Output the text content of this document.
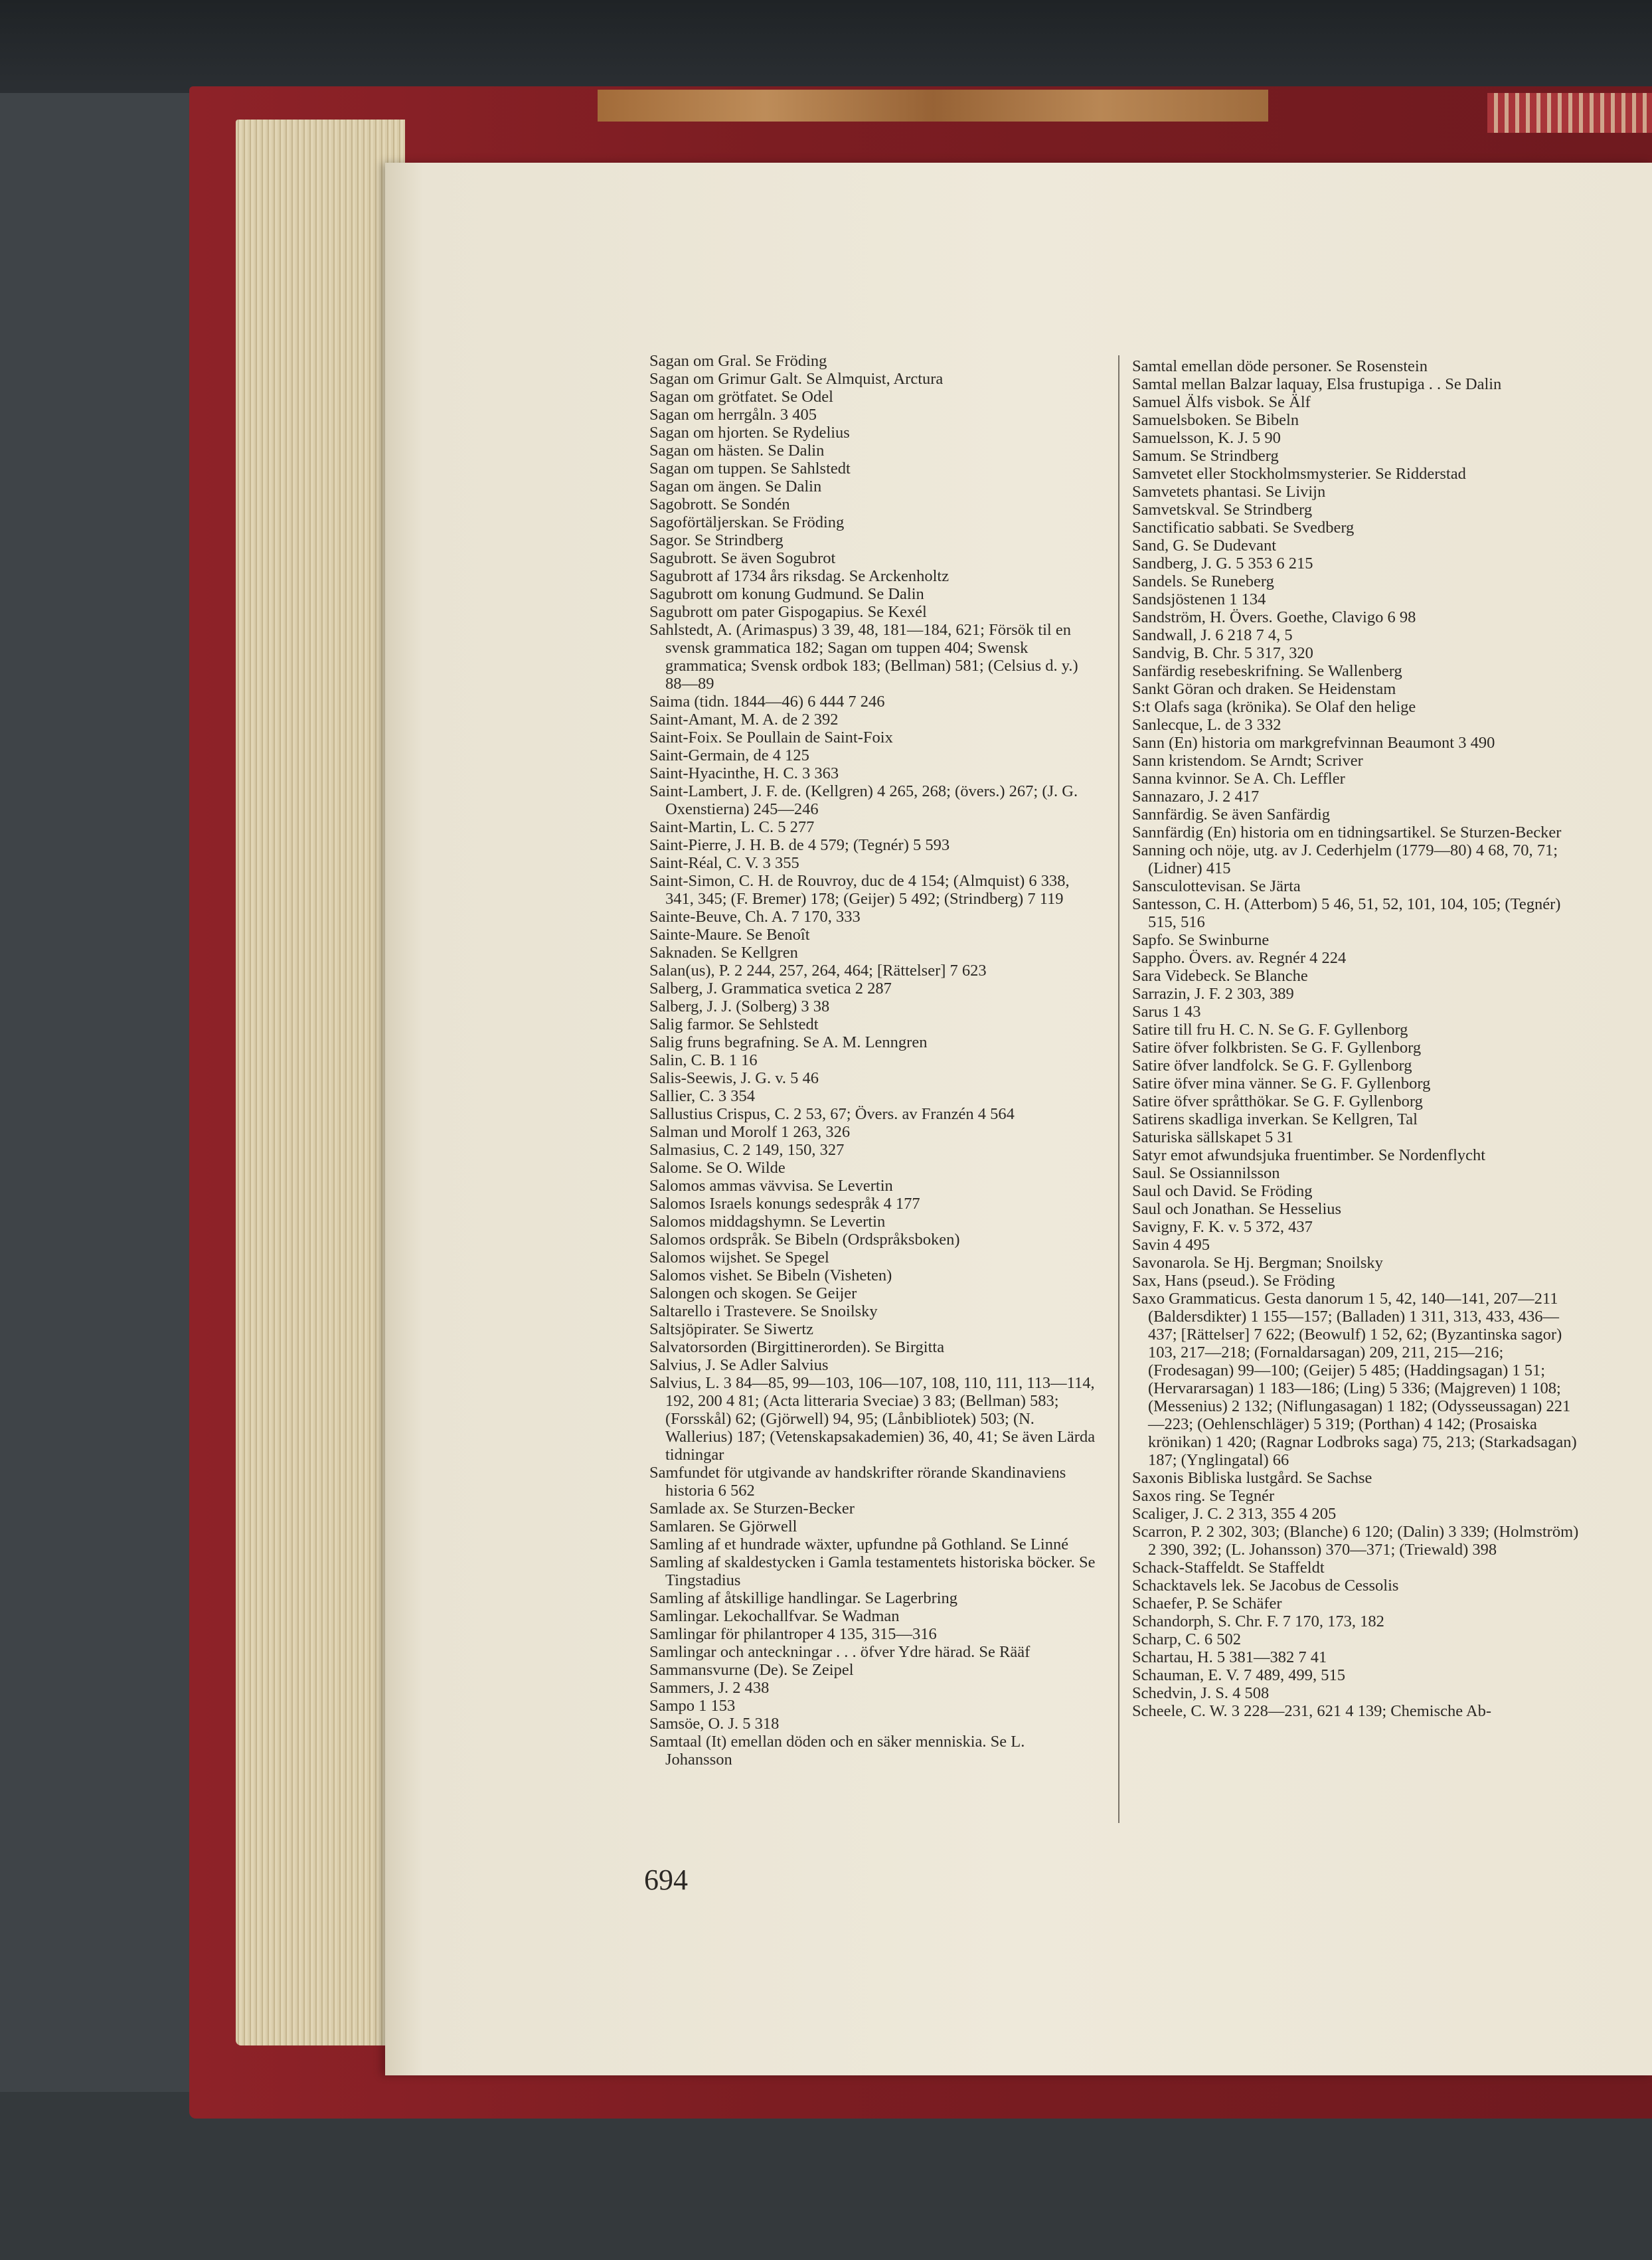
Sagan om Gral. Se Fröding
Sagan om Grimur Galt. Se Almquist, Arctura
Sagan om grötfatet. Se Odel
Sagan om herrgåln. 3 405
Sagan om hjorten. Se Rydelius
Sagan om hästen. Se Dalin
Sagan om tuppen. Se Sahlstedt
Sagan om ängen. Se Dalin
Sagobrott. Se Sondén
Sagoförtäljerskan. Se Fröding
Sagor. Se Strindberg
Sagubrott. Se även Sogubrot
Sagubrott af 1734 års riksdag. Se Arckenholtz
Sagubrott om konung Gudmund. Se Dalin
Sagubrott om pater Gispogapius. Se Kexél
Sahlstedt, A. (Arimaspus) 3 39, 48, 181—184, 621; Försök til en svensk grammatica 182; Sagan om tuppen 404; Swensk grammatica; Svensk ordbok 183; (Bellman) 581; (Celsius d. y.) 88—89
Saima (tidn. 1844—46) 6 444 7 246
Saint-Amant, M. A. de 2 392
Saint-Foix. Se Poullain de Saint-Foix
Saint-Germain, de 4 125
Saint-Hyacinthe, H. C. 3 363
Saint-Lambert, J. F. de. (Kellgren) 4 265, 268; (övers.) 267; (J. G. Oxenstierna) 245—246
Saint-Martin, L. C. 5 277
Saint-Pierre, J. H. B. de 4 579; (Tegnér) 5 593
Saint-Réal, C. V. 3 355
Saint-Simon, C. H. de Rouvroy, duc de 4 154; (Almquist) 6 338, 341, 345; (F. Bremer) 178; (Geijer) 5 492; (Strindberg) 7 119
Sainte-Beuve, Ch. A. 7 170, 333
Sainte-Maure. Se Benoît
Saknaden. Se Kellgren
Salan(us), P. 2 244, 257, 264, 464; [Rättelser] 7 623
Salberg, J. Grammatica svetica 2 287
Salberg, J. J. (Solberg) 3 38
Salig farmor. Se Sehlstedt
Salig fruns begrafning. Se A. M. Lenngren
Salin, C. B. 1 16
Salis-Seewis, J. G. v. 5 46
Sallier, C. 3 354
Sallustius Crispus, C. 2 53, 67; Övers. av Franzén 4 564
Salman und Morolf 1 263, 326
Salmasius, C. 2 149, 150, 327
Salome. Se O. Wilde
Salomos ammas vävvisa. Se Levertin
Salomos Israels konungs sedespråk 4 177
Salomos middagshymn. Se Levertin
Salomos ordspråk. Se Bibeln (Ordspråksboken)
Salomos wijshet. Se Spegel
Salomos vishet. Se Bibeln (Visheten)
Salongen och skogen. Se Geijer
Saltarello i Trastevere. Se Snoilsky
Saltsjöpirater. Se Siwertz
Salvatorsorden (Birgittinerorden). Se Birgitta
Salvius, J. Se Adler Salvius
Salvius, L. 3 84—85, 99—103, 106—107, 108, 110, 111, 113—114, 192, 200 4 81; (Acta litteraria Sveciae) 3 83; (Bellman) 583; (Forsskål) 62; (Gjörwell) 94, 95; (Lånbibliotek) 503; (N. Wallerius) 187; (Vetenskapsakademien) 36, 40, 41; Se även Lärda tidningar
Samfundet för utgivande av handskrifter rörande Skandinaviens historia 6 562
Samlade ax. Se Sturzen-Becker
Samlaren. Se Gjörwell
Samling af et hundrade wäxter, upfundne på Gothland. Se Linné
Samling af skaldestycken i Gamla testamentets historiska böcker. Se Tingstadius
Samling af åtskillige handlingar. Se Lagerbring
Samlingar. Lekochallfvar. Se Wadman
Samlingar för philantroper 4 135, 315—316
Samlingar och anteckningar . . . öfver Ydre härad. Se Rääf
Sammansvurne (De). Se Zeipel
Sammers, J. 2 438
Sampo 1 153
Samsöe, O. J. 5 318
Samtaal (It) emellan döden och en säker menniskia. Se L. Johansson
Samtal emellan döde personer. Se Rosenstein
Samtal mellan Balzar laquay, Elsa frustupiga . . Se Dalin
Samuel Älfs visbok. Se Älf
Samuelsboken. Se Bibeln
Samuelsson, K. J. 5 90
Samum. Se Strindberg
Samvetet eller Stockholmsmysterier. Se Ridderstad
Samvetets phantasi. Se Livijn
Samvetskval. Se Strindberg
Sanctificatio sabbati. Se Svedberg
Sand, G. Se Dudevant
Sandberg, J. G. 5 353 6 215
Sandels. Se Runeberg
Sandsjöstenen 1 134
Sandström, H. Övers. Goethe, Clavigo 6 98
Sandwall, J. 6 218 7 4, 5
Sandvig, B. Chr. 5 317, 320
Sanfärdig resebeskrifning. Se Wallenberg
Sankt Göran och draken. Se Heidenstam
S:t Olafs saga (krönika). Se Olaf den helige
Sanlecque, L. de 3 332
Sann (En) historia om markgrefvinnan Beaumont 3 490
Sann kristendom. Se Arndt; Scriver
Sanna kvinnor. Se A. Ch. Leffler
Sannazaro, J. 2 417
Sannfärdig. Se även Sanfärdig
Sannfärdig (En) historia om en tidningsartikel. Se Sturzen-Becker
Sanning och nöje, utg. av J. Cederhjelm (1779—80) 4 68, 70, 71; (Lidner) 415
Sansculottevisan. Se Järta
Santesson, C. H. (Atterbom) 5 46, 51, 52, 101, 104, 105; (Tegnér) 515, 516
Sapfo. Se Swinburne
Sappho. Övers. av. Regnér 4 224
Sara Videbeck. Se Blanche
Sarrazin, J. F. 2 303, 389
Sarus 1 43
Satire till fru H. C. N. Se G. F. Gyllenborg
Satire öfver folkbristen. Se G. F. Gyllenborg
Satire öfver landfolck. Se G. F. Gyllenborg
Satire öfver mina vänner. Se G. F. Gyllenborg
Satire öfver språtthökar. Se G. F. Gyllenborg
Satirens skadliga inverkan. Se Kellgren, Tal
Saturiska sällskapet 5 31
Satyr emot afwundsjuka fruentimber. Se Nordenflycht
Saul. Se Ossiannilsson
Saul och David. Se Fröding
Saul och Jonathan. Se Hesselius
Savigny, F. K. v. 5 372, 437
Savin 4 495
Savonarola. Se Hj. Bergman; Snoilsky
Sax, Hans (pseud.). Se Fröding
Saxo Grammaticus. Gesta danorum 1 5, 42, 140—141, 207—211 (Baldersdikter) 1 155—157; (Balladen) 1 311, 313, 433, 436—437; [Rättelser] 7 622; (Beowulf) 1 52, 62; (Byzantinska sagor) 103, 217—218; (Fornaldarsagan) 209, 211, 215—216; (Frodesagan) 99—100; (Geijer) 5 485; (Haddingsagan) 1 51; (Hervararsagan) 1 183—186; (Ling) 5 336; (Majgreven) 1 108; (Messenius) 2 132; (Niflungasagan) 1 182; (Odysseussagan) 221—223; (Oehlenschläger) 5 319; (Porthan) 4 142; (Prosaiska krönikan) 1 420; (Ragnar Lodbroks saga) 75, 213; (Starkadsagan) 187; (Ynglingatal) 66
Saxonis Bibliska lustgård. Se Sachse
Saxos ring. Se Tegnér
Scaliger, J. C. 2 313, 355 4 205
Scarron, P. 2 302, 303; (Blanche) 6 120; (Dalin) 3 339; (Holmström) 2 390, 392; (L. Johansson) 370—371; (Triewald) 398
Schack-Staffeldt. Se Staffeldt
Schacktavels lek. Se Jacobus de Cessolis
Schaefer, P. Se Schäfer
Schandorph, S. Chr. F. 7 170, 173, 182
Scharp, C. 6 502
Schartau, H. 5 381—382 7 41
Schauman, E. V. 7 489, 499, 515
Schedvin, J. S. 4 508
Scheele, C. W. 3 228—231, 621 4 139; Chemische Ab-
694
